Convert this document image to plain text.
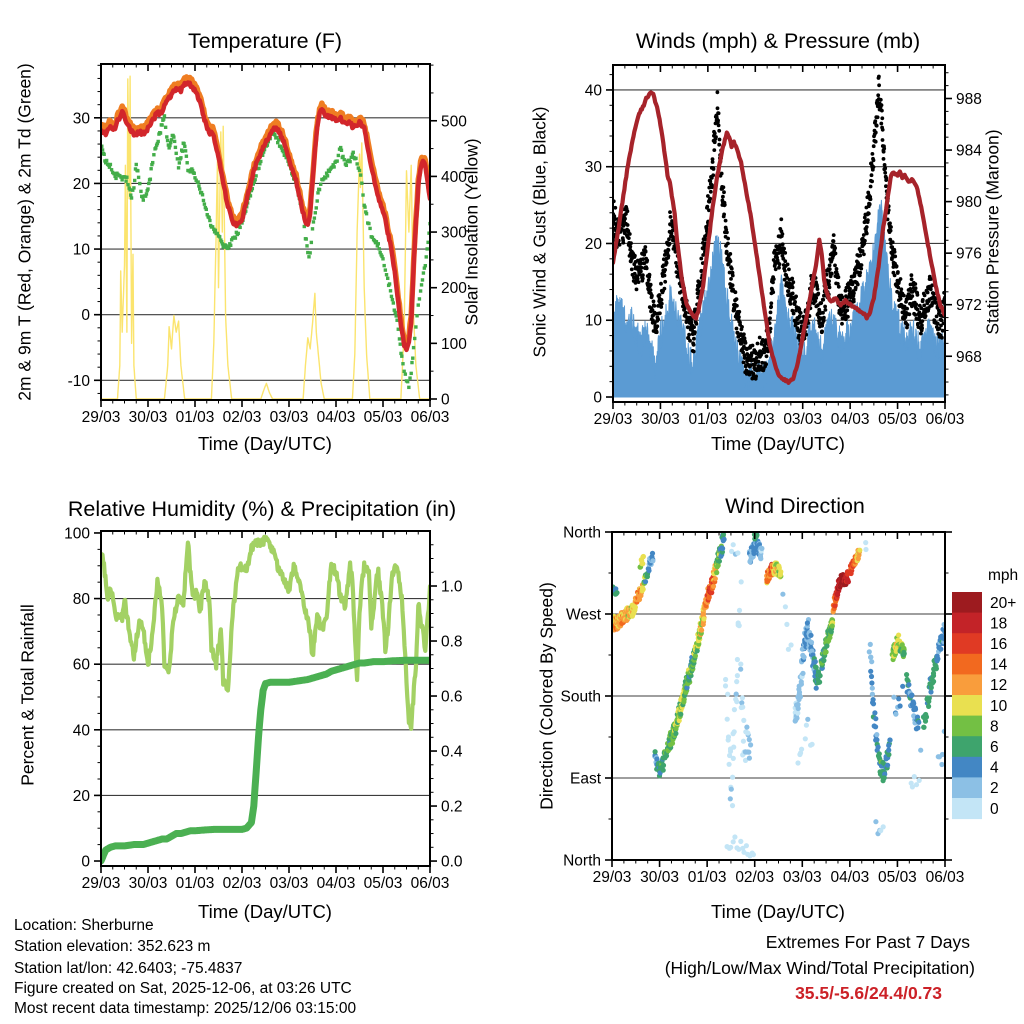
29/03 30/03 01/03 02/03 03/03 04/03 05/03 06/03
-10
0
10
20
30
0
100
200
300
400
500
29/03 30/03 01/03 02/03 03/03 04/03 05/03 06/03
0
10
20
30
40
968
972
976
980
984
988
29/03 30/03 01/03 02/03 03/03 04/03 05/03 06/03
0
20
40
60
80
100
0.0
0.2
0.4
0.6
0.8
1.0
20+
18
16
14
12
10
8
6
4
2
0
29/03 30/03 01/03 02/03 03/03 04/03 05/03 06/03
North
East
South
West
North
Temperature (F)	Winds (mph) & Pressure (mb)
Relative Humidity (%) & Precipitation (in)	Wind Direction
2m & 9m T (Red, Orange) & 2m Td (Green)	Solar Insolation (Yellow)	Sonic Wind & Gust (Blue, Black)	Station Pressure (Maroon)
Percent & Total Rainfall	Direction (Colored By Speed)
Time (Day/UTC)	Time (Day/UTC)
Time (Day/UTC)	Time (Day/UTC)
mph
Location: Sherburne
Station elevation: 352.623 m
Station lat/lon: 42.6403; -75.4837
Figure created on Sat, 2025-12-06, at 03:26 UTC
Most recent data timestamp: 2025/12/06 03:15:00
Extremes For Past 7 Days
(High/Low/Max Wind/Total Precipitation)
35.5/-5.6/24.4/0.73
